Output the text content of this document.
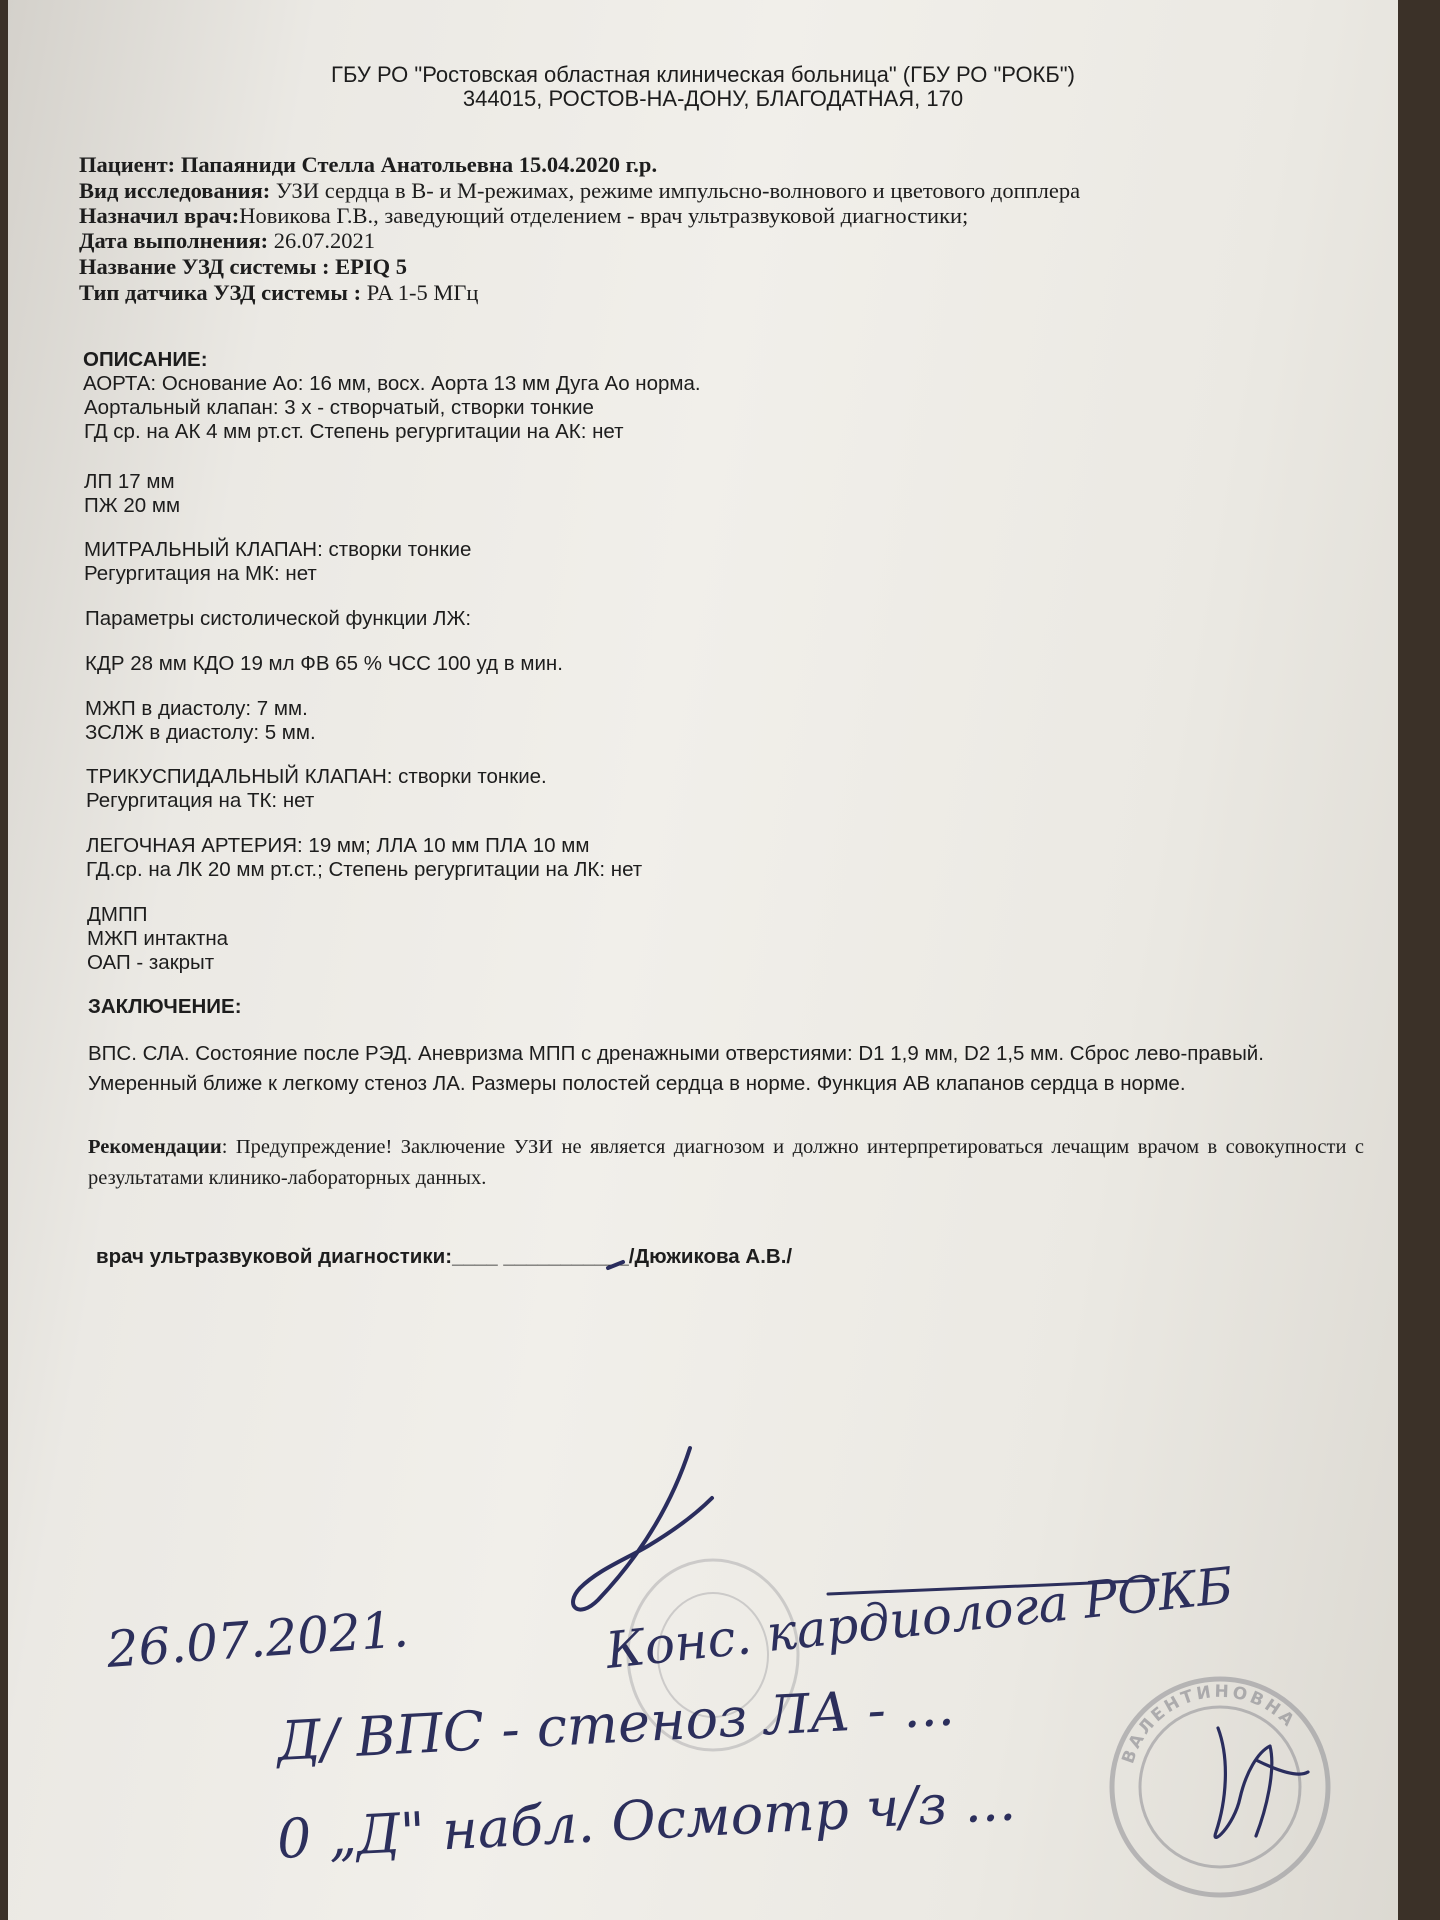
ГБУ РО "Ростовская областная клиническая больница" (ГБУ РО "РОКБ")
344015, РОСТОВ-НА-ДОНУ, БЛАГОДАТНАЯ, 170
Пациент: Папаяниди Стелла Анатольевна 15.04.2020 г.р.
Вид исследования: УЗИ сердца в В- и М-режимах, режиме импульсно-волнового и цветового допплера
Назначил врач:Новикова Г.В., заведующий отделением - врач ультразвуковой диагностики;
Дата выполнения: 26.07.2021
Название УЗД системы : EPIQ 5
Тип датчика УЗД системы : PA 1-5 МГц
ОПИСАНИЕ:
АОРТА: Основание Ао: 16 мм, восх. Аорта 13 мм Дуга Ао норма.
Аортальный клапан: 3 х - створчатый, створки тонкие
ГД ср. на АК 4 мм рт.ст. Степень регургитации на АК: нет
ЛП 17 мм
ПЖ 20 мм
МИТРАЛЬНЫЙ КЛАПАН: створки тонкие
Регургитация на МК: нет
Параметры систолической функции ЛЖ:
КДР 28 мм КДО 19 мл ФВ 65 % ЧСС 100 уд в мин.
МЖП в диастолу: 7 мм.
ЗСЛЖ в диастолу: 5 мм.
ТРИКУСПИДАЛЬНЫЙ КЛАПАН: створки тонкие.
Регургитация на ТК: нет
ЛЕГОЧНАЯ АРТЕРИЯ: 19 мм; ЛЛА 10 мм ПЛА 10 мм
ГД.ср. на ЛК 20 мм рт.ст.; Степень регургитации на ЛК: нет
ДМПП
МЖП интактна
ОАП - закрыт
ЗАКЛЮЧЕНИЕ:
ВПС. СЛА. Состояние после РЭД. Аневризма МПП с дренажными отверстиями: D1 1,9 мм, D2 1,5 мм. Сброс лево-правый. Умеренный ближе к легкому стеноз ЛА. Размеры полостей сердца в норме. Функция АВ клапанов сердца в норме.
Рекомендации: Предупреждение! Заключение УЗИ не является диагнозом и должно интерпретироваться лечащим врачом в совокупности с результатами клинико-лабораторных данных.
врач ультразвуковой диагностики:____ ___________/Дюжикова А.В./
ВАЛЕНТИНОВНА
26.07.2021.	Конс. кардиолога РОКБ
Д/ ВПС - стеноз ЛА - ...
0 „Д" набл. Осмотр ч/з ...
